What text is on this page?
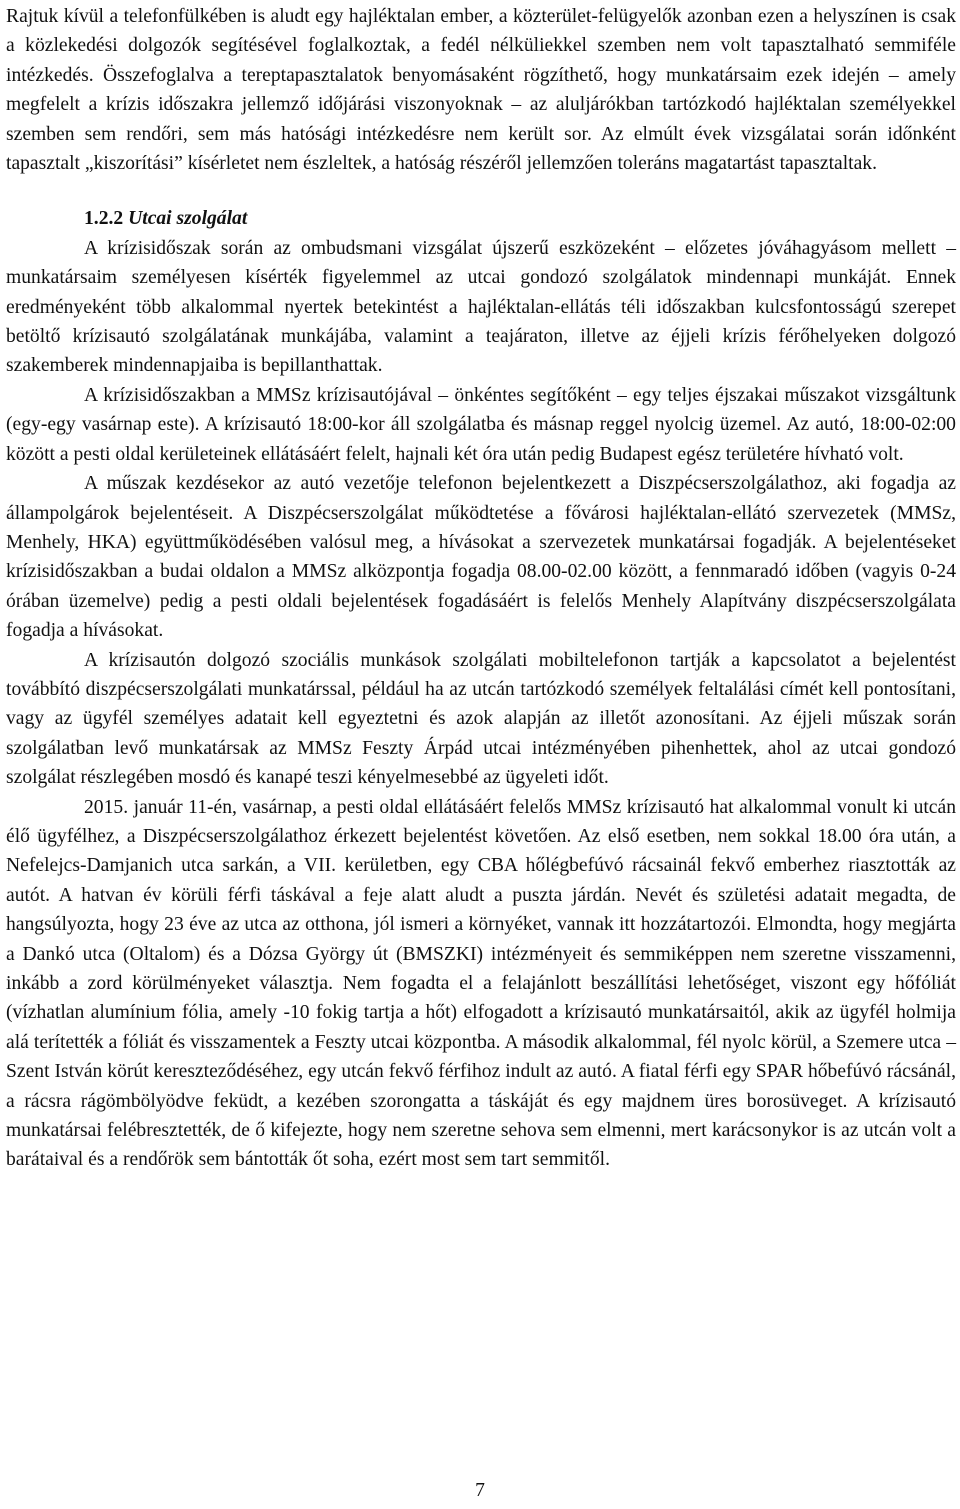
Rajtuk kívül a telefonfülkében is aludt egy hajléktalan ember, a közterület-felügyelők azonban ezen a helyszínen is csak a közlekedési dolgozók segítésével foglalkoztak, a fedél nélküliekkel szemben nem volt tapasztalható semmiféle intézkedés. Összefoglalva a tereptapasztalatok benyomásaként rögzíthető, hogy munkatársaim ezek idején – amely megfelelt a krízis időszakra jellemző időjárási viszonyoknak – az aluljárókban tartózkodó hajléktalan személyekkel szemben sem rendőri, sem más hatósági intézkedésre nem került sor. Az elmúlt évek vizsgálatai során időnként tapasztalt „kiszorítási” kísérletet nem észleltek, a hatóság részéről jellemzően toleráns magatartást tapasztaltak.

1.2.2 Utcai szolgálat

A krízisidőszak során az ombudsmani vizsgálat újszerű eszközeként – előzetes jóváhagyásom mellett – munkatársaim személyesen kísérték figyelemmel az utcai gondozó szolgálatok mindennapi munkáját. Ennek eredményeként több alkalommal nyertek betekintést a hajléktalan-ellátás téli időszakban kulcsfontosságú szerepet betöltő krízisautó szolgálatának munkájába, valamint a teajáraton, illetve az éjjeli krízis férőhelyeken dolgozó szakemberek mindennapjaiba is bepillanthattak.

A krízisidőszakban a MMSz krízisautójával – önkéntes segítőként – egy teljes éjszakai műszakot vizsgáltunk (egy-egy vasárnap este). A krízisautó 18:00-kor áll szolgálatba és másnap reggel nyolcig üzemel. Az autó, 18:00-02:00 között a pesti oldal kerületeinek ellátásáért felelt, hajnali két óra után pedig Budapest egész területére hívható volt.

A műszak kezdésekor az autó vezetője telefonon bejelentkezett a Diszpécserszolgálathoz, aki fogadja az állampolgárok bejelentéseit. A Diszpécserszolgálat működtetése a fővárosi hajléktalan-ellátó szervezetek (MMSz, Menhely, HKA) együttműködésében valósul meg, a hívásokat a szervezetek munkatársai fogadják. A bejelentéseket krízisidőszakban a budai oldalon a MMSz alközpontja fogadja 08.00-02.00 között, a fennmaradó időben (vagyis 0-24 órában üzemelve) pedig a pesti oldali bejelentések fogadásáért is felelős Menhely Alapítvány diszpécserszolgálata fogadja a hívásokat.

A krízisautón dolgozó szociális munkások szolgálati mobiltelefonon tartják a kapcsolatot a bejelentést továbbító diszpécserszolgálati munkatárssal, például ha az utcán tartózkodó személyek feltalálási címét kell pontosítani, vagy az ügyfél személyes adatait kell egyeztetni és azok alapján az illetőt azonosítani. Az éjjeli műszak során szolgálatban levő munkatársak az MMSz Feszty Árpád utcai intézményében pihenhettek, ahol az utcai gondozó szolgálat részlegében mosdó és kanapé teszi kényelmesebbé az ügyeleti időt.

2015. január 11-én, vasárnap, a pesti oldal ellátásáért felelős MMSz krízisautó hat alkalommal vonult ki utcán élő ügyfélhez, a Diszpécserszolgálathoz érkezett bejelentést követően. Az első esetben, nem sokkal 18.00 óra után, a Nefelejcs-Damjanich utca sarkán, a VII. kerületben, egy CBA hőlégbefúvó rácsainál fekvő emberhez riasztották az autót. A hatvan év körüli férfi táskával a feje alatt aludt a puszta járdán. Nevét és születési adatait megadta, de hangsúlyozta, hogy 23 éve az utca az otthona, jól ismeri a környéket, vannak itt hozzátartozói. Elmondta, hogy megjárta a Dankó utca (Oltalom) és a Dózsa György út (BMSZKI) intézményeit és semmiképpen nem szeretne visszamenni, inkább a zord körülményeket választja. Nem fogadta el a felajánlott beszállítási lehetőséget, viszont egy hőfóliát (vízhatlan alumínium fólia, amely -10 fokig tartja a hőt) elfogadott a krízisautó munkatársaitól, akik az ügyfél holmija alá terítették a fóliát és visszamentek a Feszty utcai központba. A második alkalommal, fél nyolc körül, a Szemere utca – Szent István körút kereszteződéséhez, egy utcán fekvő férfihoz indult az autó. A fiatal férfi egy SPAR hőbefúvó rácsánál, a rácsra rágömbölyödve feküdt, a kezében szorongatta a táskáját és egy majdnem üres borosüveget. A krízisautó munkatársai felébresztették, de ő kifejezte, hogy nem szeretne sehova sem elmenni, mert karácsonykor is az utcán volt a barátaival és a rendőrök sem bántották őt soha, ezért most sem tart semmitől.

7
